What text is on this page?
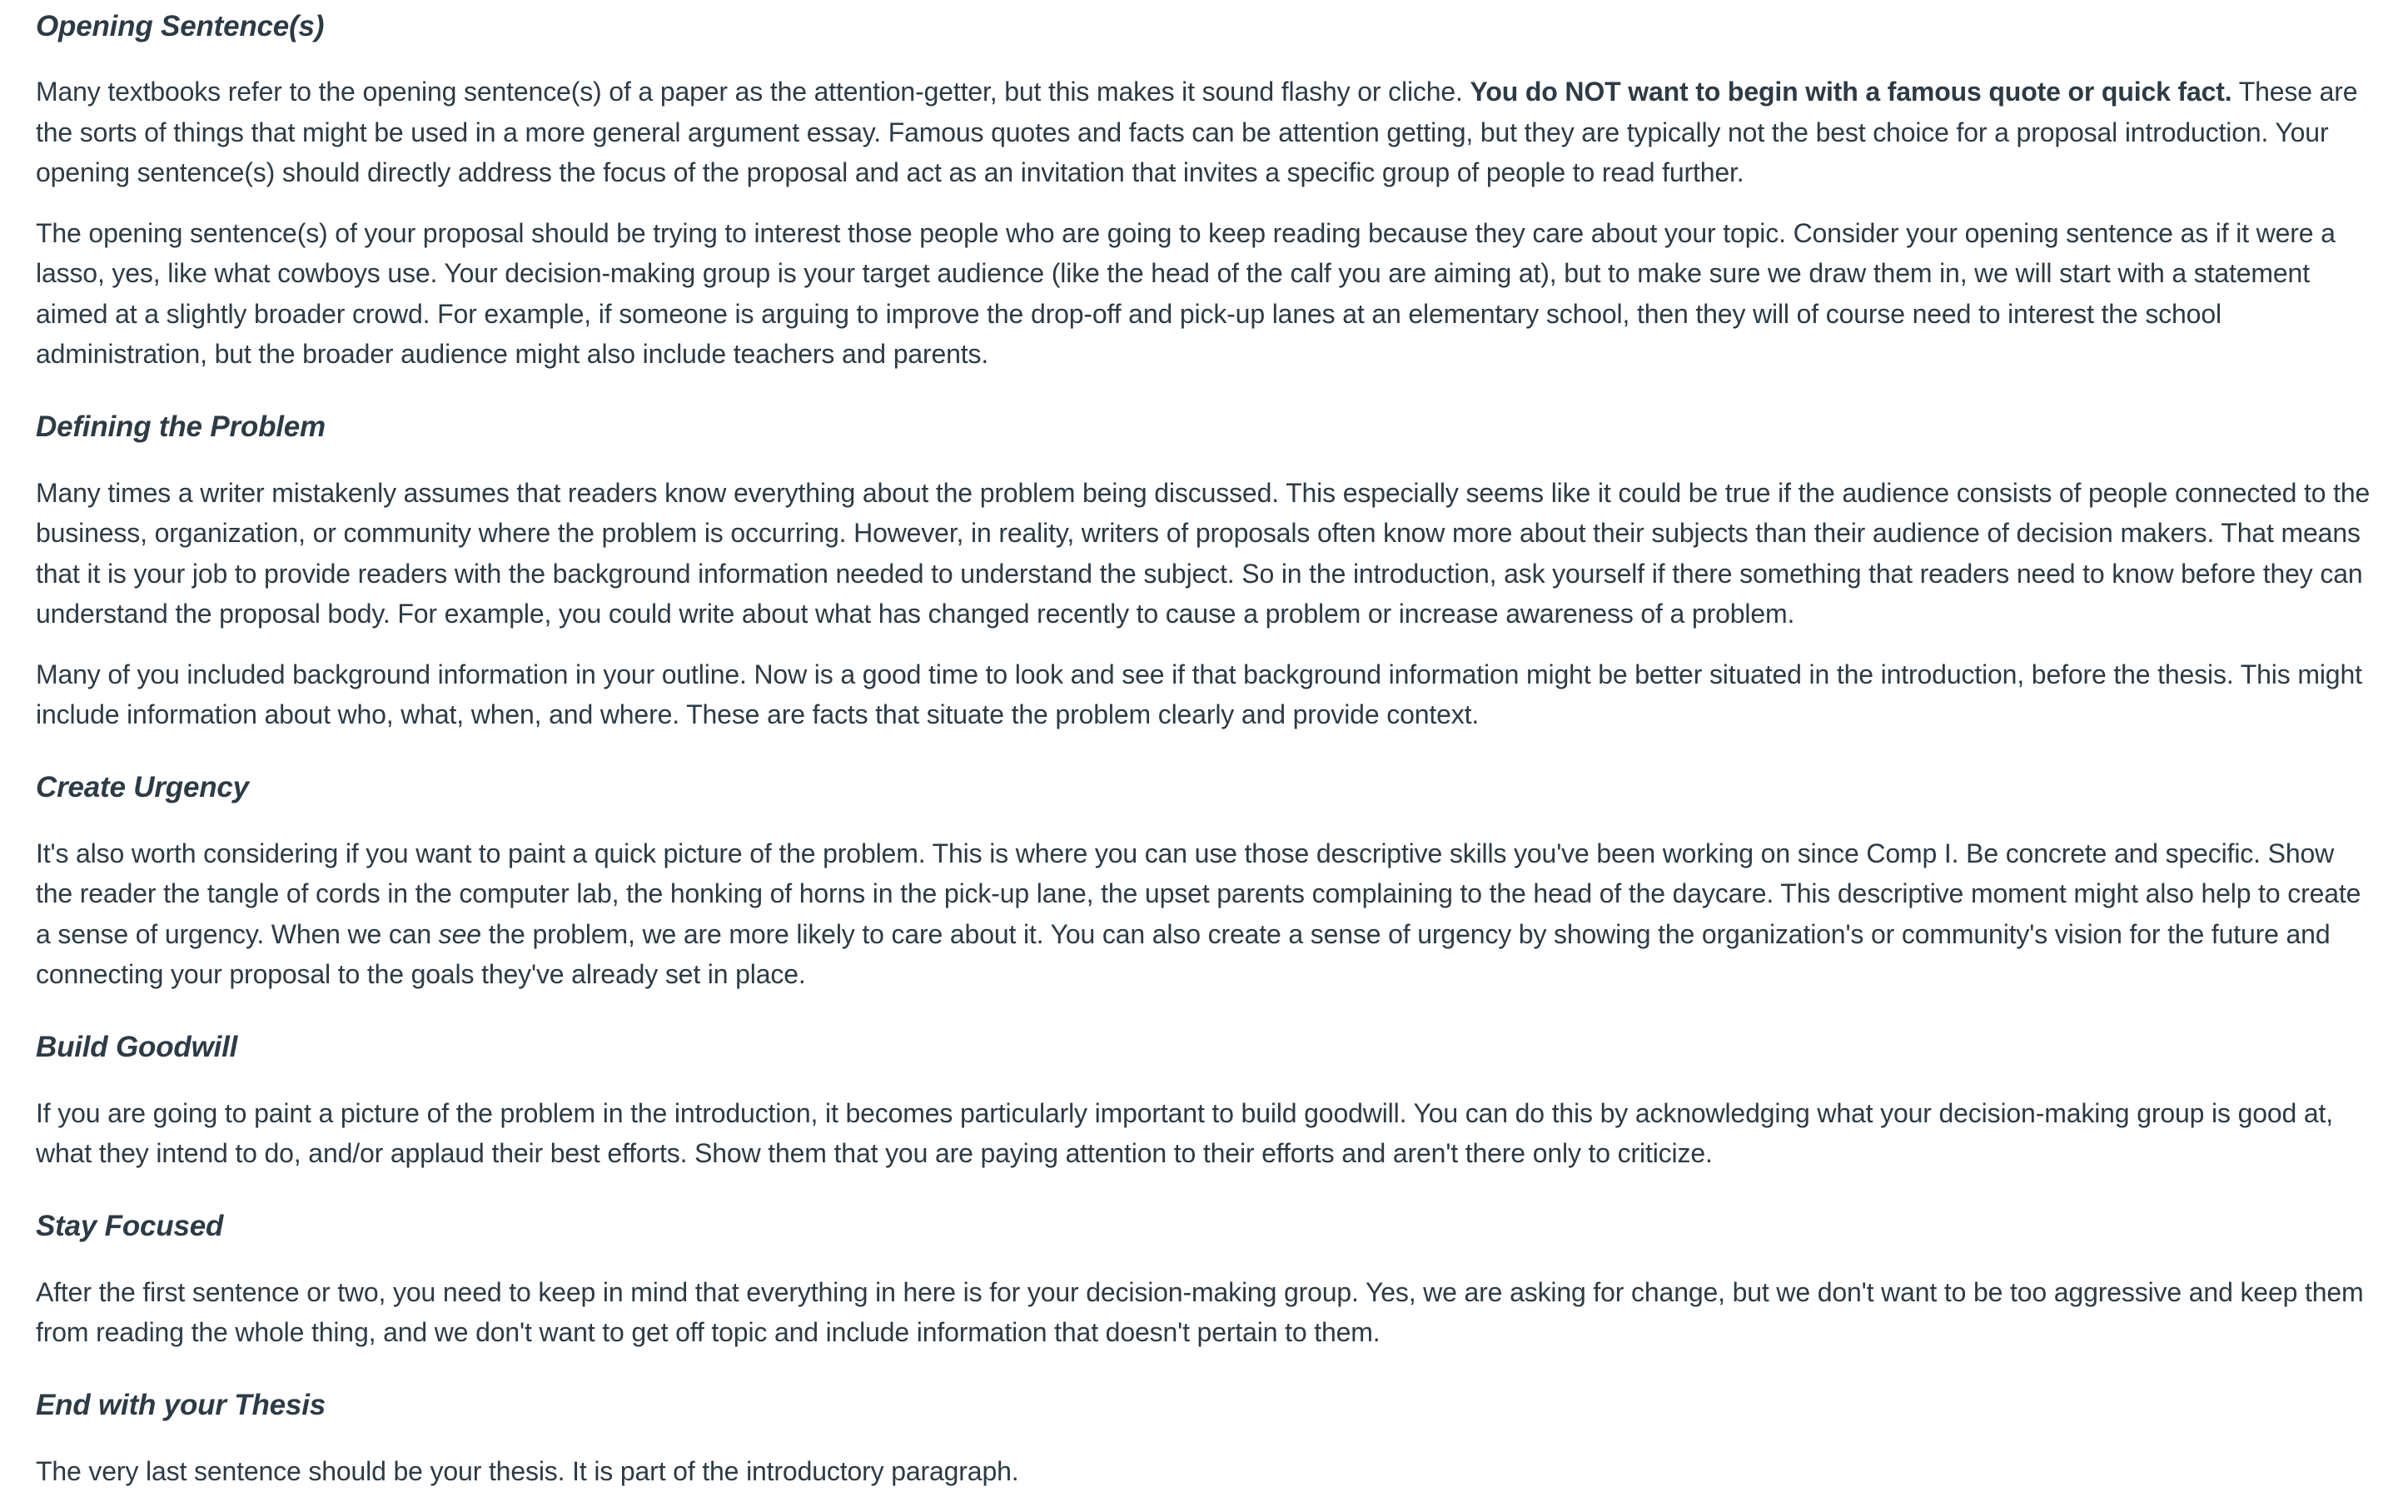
Opening Sentence(s)

Many textbooks refer to the opening sentence(s) of a paper as the attention-getter, but this makes it sound flashy or cliche. You do NOT want to begin with a famous quote or quick fact. These are the sorts of things that might be used in a more general argument essay. Famous quotes and facts can be attention getting, but they are typically not the best choice for a proposal introduction. Your opening sentence(s) should directly address the focus of the proposal and act as an invitation that invites a specific group of people to read further.

The opening sentence(s) of your proposal should be trying to interest those people who are going to keep reading because they care about your topic. Consider your opening sentence as if it were a lasso, yes, like what cowboys use. Your decision-making group is your target audience (like the head of the calf you are aiming at), but to make sure we draw them in, we will start with a statement aimed at a slightly broader crowd. For example, if someone is arguing to improve the drop-off and pick-up lanes at an elementary school, then they will of course need to interest the school administration, but the broader audience might also include teachers and parents.

Defining the Problem

Many times a writer mistakenly assumes that readers know everything about the problem being discussed. This especially seems like it could be true if the audience consists of people connected to the business, organization, or community where the problem is occurring. However, in reality, writers of proposals often know more about their subjects than their audience of decision makers. That means that it is your job to provide readers with the background information needed to understand the subject. So in the introduction, ask yourself if there something that readers need to know before they can understand the proposal body. For example, you could write about what has changed recently to cause a problem or increase awareness of a problem.

Many of you included background information in your outline. Now is a good time to look and see if that background information might be better situated in the introduction, before the thesis. This might include information about who, what, when, and where. These are facts that situate the problem clearly and provide context.

Create Urgency

It's also worth considering if you want to paint a quick picture of the problem. This is where you can use those descriptive skills you've been working on since Comp I. Be concrete and specific. Show the reader the tangle of cords in the computer lab, the honking of horns in the pick-up lane, the upset parents complaining to the head of the daycare. This descriptive moment might also help to create a sense of urgency. When we can see the problem, we are more likely to care about it. You can also create a sense of urgency by showing the organization's or community's vision for the future and connecting your proposal to the goals they've already set in place.

Build Goodwill

If you are going to paint a picture of the problem in the introduction, it becomes particularly important to build goodwill. You can do this by acknowledging what your decision-making group is good at, what they intend to do, and/or applaud their best efforts. Show them that you are paying attention to their efforts and aren't there only to criticize.

Stay Focused

After the first sentence or two, you need to keep in mind that everything in here is for your decision-making group. Yes, we are asking for change, but we don't want to be too aggressive and keep them from reading the whole thing, and we don't want to get off topic and include information that doesn't pertain to them.

End with your Thesis

The very last sentence should be your thesis. It is part of the introductory paragraph.
